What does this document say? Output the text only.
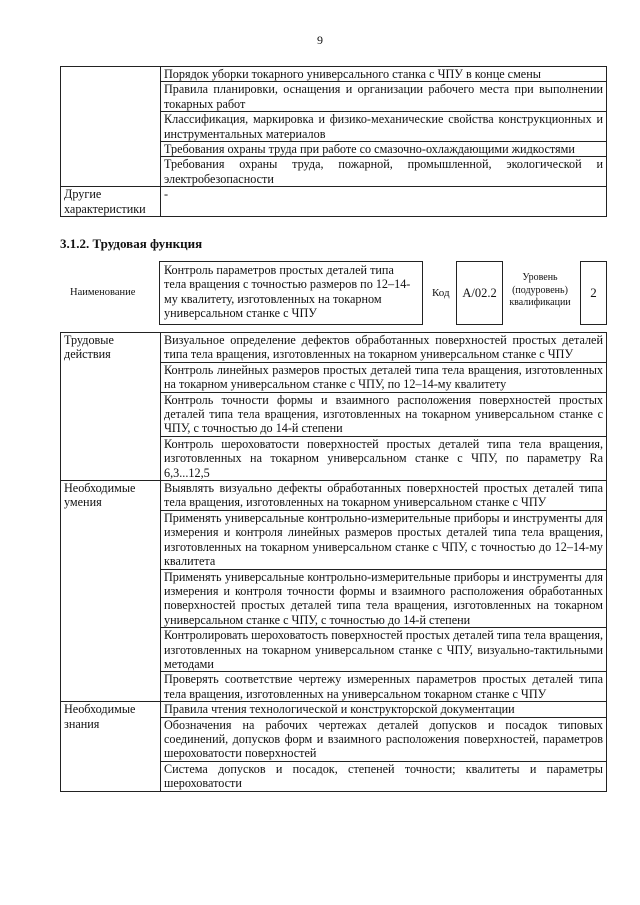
9
	Порядок уборки токарного универсального станка с ЧПУ в конце смены
	Правила планировки, оснащения и организации рабочего места при выполнении токарных работ
	Классификация, маркировка и физико-механические свойства конструкционных и инструментальных материалов
	Требования охраны труда при работе со смазочно-охлаждающими жидкостями
	Требования охраны труда, пожарной, промышленной, экологической и электробезопасности
Другие характеристики	-
3.1.2. Трудовая функция
Наименование
Контроль параметров простых деталей типа тела вращения с точностью размеров по 12–14-му квалитету, изготовленных на токарном универсальном станке с ЧПУ
Код	А/02.2
Уровень (подуровень) квалификации
2
Трудовые действия	Визуальное определение дефектов обработанных поверхностей простых деталей типа тела вращения, изготовленных на токарном универсальном станке с ЧПУ
	Контроль линейных размеров простых деталей типа тела вращения, изготовленных на токарном универсальном станке с ЧПУ, по 12–14-му квалитету
	Контроль точности формы и взаимного расположения поверхностей простых деталей типа тела вращения, изготовленных на токарном универсальном станке с ЧПУ, с точностью до 14-й степени
	Контроль шероховатости поверхностей простых деталей типа тела вращения, изготовленных на токарном универсальном станке с ЧПУ, по параметру Ra 6,3...12,5
Необходимые умения	Выявлять визуально дефекты обработанных поверхностей простых деталей типа тела вращения, изготовленных на токарном универсальном станке с ЧПУ
	Применять универсальные контрольно-измерительные приборы и инструменты для измерения и контроля линейных размеров простых деталей типа тела вращения, изготовленных на токарном универсальном станке с ЧПУ, с точностью до 12–14-му квалитета
	Применять универсальные контрольно-измерительные приборы и инструменты для измерения и контроля точности формы и взаимного расположения обработанных поверхностей простых деталей типа тела вращения, изготовленных на токарном универсальном станке с ЧПУ, с точностью до 14-й степени
	Контролировать шероховатость поверхностей простых деталей типа тела вращения, изготовленных на токарном универсальном станке с ЧПУ, визуально-тактильными методами
	Проверять соответствие чертежу измеренных параметров простых деталей типа тела вращения, изготовленных на универсальном токарном станке с ЧПУ
Необходимые знания	Правила чтения технологической и конструкторской документации
	Обозначения на рабочих чертежах деталей допусков и посадок типовых соединений, допусков форм и взаимного расположения поверхностей, параметров шероховатости поверхностей
	Система допусков и посадок, степеней точности; квалитеты и параметры шероховатости
